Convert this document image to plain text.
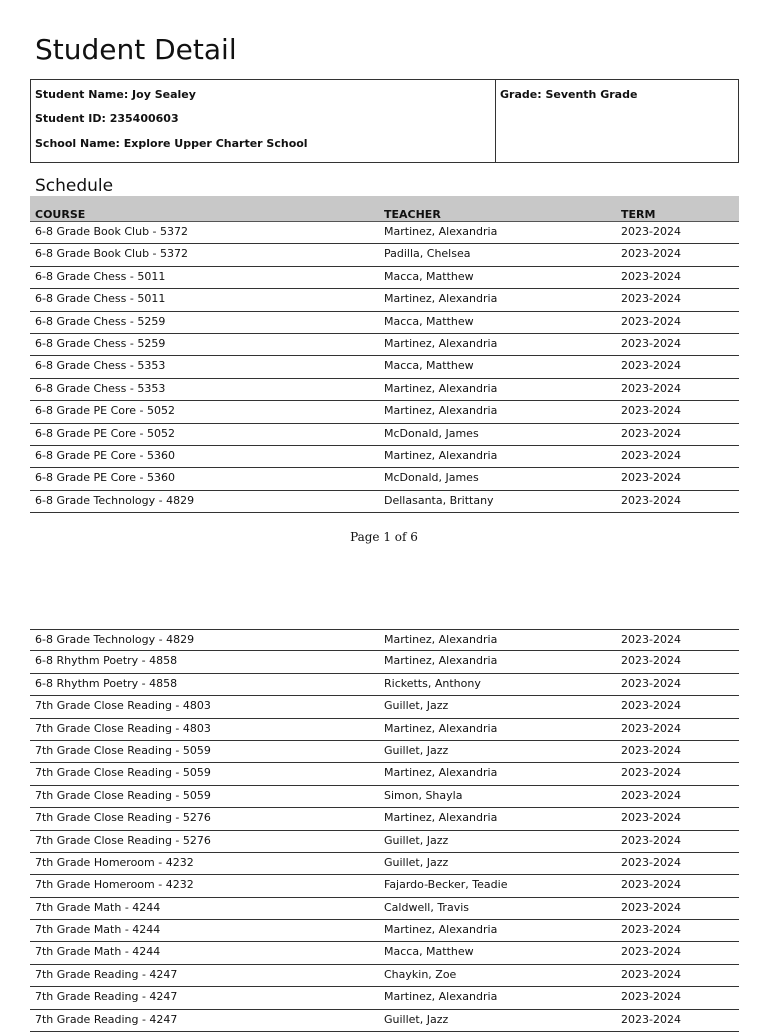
Student Detail
Student Name: Joy Sealey
Student ID: 235400603
School Name: Explore Upper Charter School
Grade: Seventh Grade
Schedule
COURSE	TEACHER	TERM
6-8 Grade Book Club - 5372	Martinez, Alexandria	2023-2024
6-8 Grade Book Club - 5372	Padilla, Chelsea	2023-2024
6-8 Grade Chess - 5011	Macca, Matthew	2023-2024
6-8 Grade Chess - 5011	Martinez, Alexandria	2023-2024
6-8 Grade Chess - 5259	Macca, Matthew	2023-2024
6-8 Grade Chess - 5259	Martinez, Alexandria	2023-2024
6-8 Grade Chess - 5353	Macca, Matthew	2023-2024
6-8 Grade Chess - 5353	Martinez, Alexandria	2023-2024
6-8 Grade PE Core - 5052	Martinez, Alexandria	2023-2024
6-8 Grade PE Core - 5052	McDonald, James	2023-2024
6-8 Grade PE Core - 5360	Martinez, Alexandria	2023-2024
6-8 Grade PE Core - 5360	McDonald, James	2023-2024
6-8 Grade Technology - 4829	Dellasanta, Brittany	2023-2024
Page 1 of 6
6-8 Grade Technology - 4829	Martinez, Alexandria	2023-2024
6-8 Rhythm Poetry - 4858	Martinez, Alexandria	2023-2024
6-8 Rhythm Poetry - 4858	Ricketts, Anthony	2023-2024
7th Grade Close Reading - 4803	Guillet, Jazz	2023-2024
7th Grade Close Reading - 4803	Martinez, Alexandria	2023-2024
7th Grade Close Reading - 5059	Guillet, Jazz	2023-2024
7th Grade Close Reading - 5059	Martinez, Alexandria	2023-2024
7th Grade Close Reading - 5059	Simon, Shayla	2023-2024
7th Grade Close Reading - 5276	Martinez, Alexandria	2023-2024
7th Grade Close Reading - 5276	Guillet, Jazz	2023-2024
7th Grade Homeroom - 4232	Guillet, Jazz	2023-2024
7th Grade Homeroom - 4232	Fajardo-Becker, Teadie	2023-2024
7th Grade Math - 4244	Caldwell, Travis	2023-2024
7th Grade Math - 4244	Martinez, Alexandria	2023-2024
7th Grade Math - 4244	Macca, Matthew	2023-2024
7th Grade Reading - 4247	Chaykin, Zoe	2023-2024
7th Grade Reading - 4247	Martinez, Alexandria	2023-2024
7th Grade Reading - 4247	Guillet, Jazz	2023-2024
